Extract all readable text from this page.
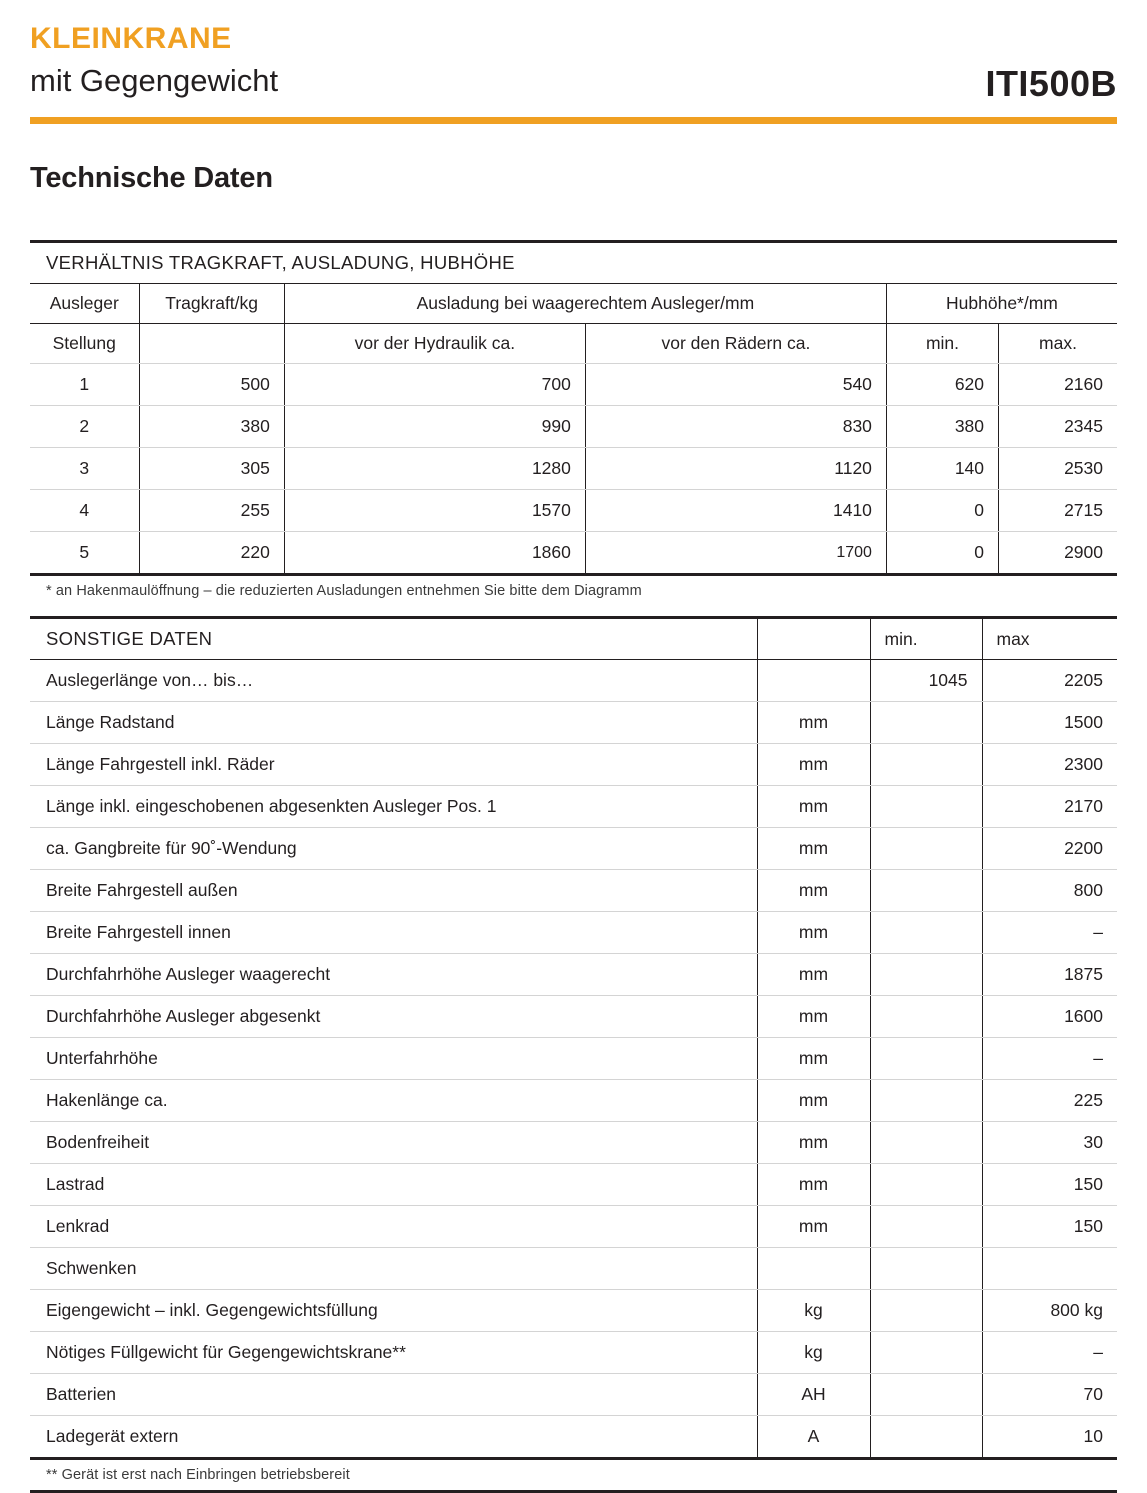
KLEINKRANE
mit Gegengewicht	ITI500B
Technische Daten
VERHÄLTNIS TRAGKRAFT, AUSLADUNG, HUBHÖHE					
Ausleger	Tragkraft/kg	Ausladung bei waagerechtem Ausleger/mm		Hubhöhe*/mm	
Stellung		vor der Hydraulik ca.	vor den Rädern ca.	min.	max.
1	500	700	540	620	2160
2	380	990	830	380	2345
3	305	1280	1120	140	2530
4	255	1570	1410	0	2715
5	220	1860	1700	0	2900
* an Hakenmaulöffnung – die reduzierten Ausladungen entnehmen Sie bitte dem Diagramm
SONSTIGE DATEN		min.	max
Auslegerlänge von… bis…		1045	2205
Länge Radstand	mm		1500
Länge Fahrgestell inkl. Räder	mm		2300
Länge inkl. eingeschobenen abgesenkten Ausleger Pos. 1	mm		2170
ca. Gangbreite für 90˚-Wendung	mm		2200
Breite Fahrgestell außen	mm		800
Breite Fahrgestell innen	mm		–
Durchfahrhöhe Ausleger waagerecht	mm		1875
Durchfahrhöhe Ausleger abgesenkt	mm		1600
Unterfahrhöhe	mm		–
Hakenlänge ca.	mm		225
Bodenfreiheit	mm		30
Lastrad	mm		150
Lenkrad	mm		150
Schwenken			
Eigengewicht – inkl. Gegengewichtsfüllung	kg		800 kg
Nötiges Füllgewicht für Gegengewichtskrane**	kg		–
Batterien	AH		70
Ladegerät extern	A		10
** Gerät ist erst nach Einbringen betriebsbereit
